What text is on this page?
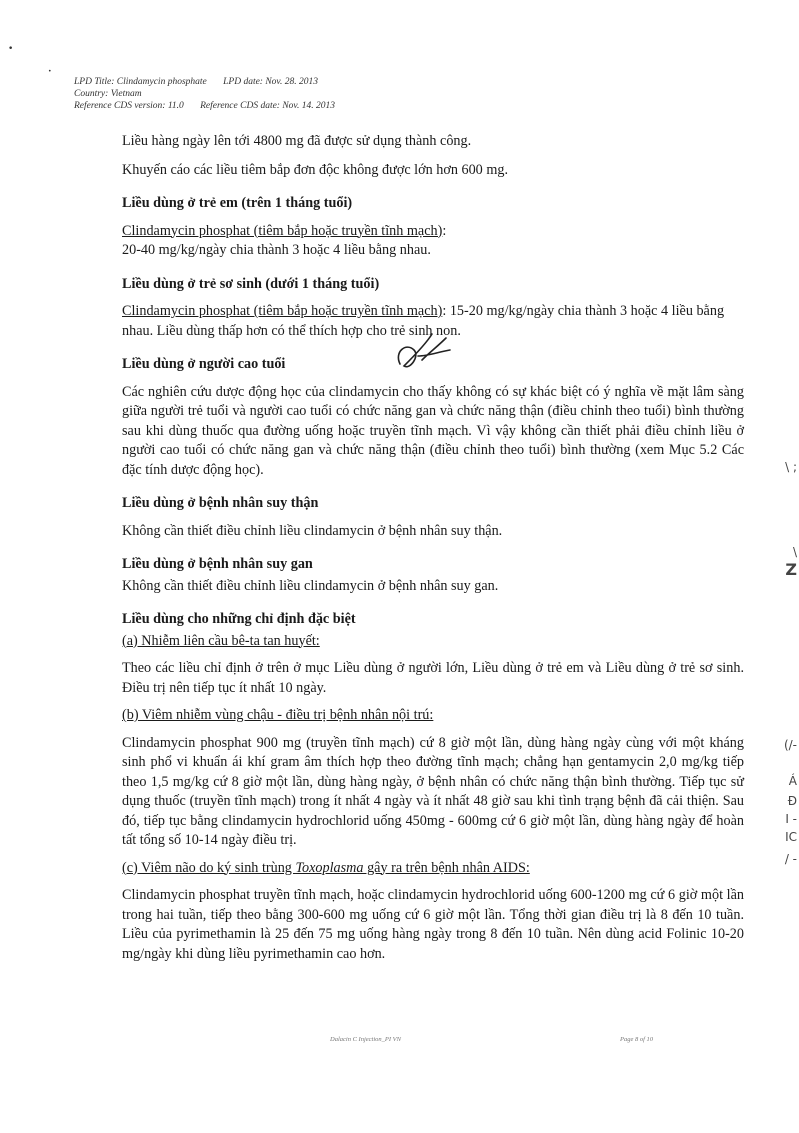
•
•
\ ;
\
Z
(/-
Á
Đ
I -
IC
/ -
LPD Title: Clindamycin phosphate LPD date: Nov. 28. 2013
Country: Vietnam
Reference CDS version: 11.0 Reference CDS date: Nov. 14. 2013

Liều hàng ngày lên tới 4800 mg đã được sử dụng thành công.

Khuyến cáo các liều tiêm bắp đơn độc không được lớn hơn 600 mg.

Liều dùng ở trẻ em (trên 1 tháng tuổi)

Clindamycin phosphat (tiêm bắp hoặc truyền tĩnh mạch):
20-40 mg/kg/ngày chia thành 3 hoặc 4 liều bằng nhau.

Liều dùng ở trẻ sơ sinh (dưới 1 tháng tuổi)

Clindamycin phosphat (tiêm bắp hoặc truyền tĩnh mạch): 15-20 mg/kg/ngày chia thành 3 hoặc 4 liều bằng nhau. Liều dùng thấp hơn có thể thích hợp cho trẻ sinh non.

Liều dùng ở người cao tuổi

Các nghiên cứu dược động học của clindamycin cho thấy không có sự khác biệt có ý nghĩa về mặt lâm sàng giữa người trẻ tuổi và người cao tuổi có chức năng gan và chức năng thận (điều chỉnh theo tuổi) bình thường sau khi dùng thuốc qua đường uống hoặc truyền tĩnh mạch. Vì vậy không cần thiết phải điều chỉnh liều ở người cao tuổi có chức năng gan và chức năng thận (điều chỉnh theo tuổi) bình thường (xem Mục 5.2 Các đặc tính dược động học).

Liều dùng ở bệnh nhân suy thận

Không cần thiết điều chỉnh liều clindamycin ở bệnh nhân suy thận.

Liều dùng ở bệnh nhân suy gan

Không cần thiết điều chỉnh liều clindamycin ở bệnh nhân suy gan.

Liều dùng cho những chỉ định đặc biệt

(a) Nhiễm liên cầu bê-ta tan huyết:

Theo các liều chỉ định ở trên ở mục Liều dùng ở người lớn, Liều dùng ở trẻ em và Liều dùng ở trẻ sơ sinh. Điều trị nên tiếp tục ít nhất 10 ngày.

(b) Viêm nhiễm vùng chậu - điều trị bệnh nhân nội trú:

Clindamycin phosphat 900 mg (truyền tĩnh mạch) cứ 8 giờ một lần, dùng hàng ngày cùng với một kháng sinh phổ vi khuẩn ái khí gram âm thích hợp theo đường tĩnh mạch; chẳng hạn gentamycin 2,0 mg/kg tiếp theo 1,5 mg/kg cứ 8 giờ một lần, dùng hàng ngày, ở bệnh nhân có chức năng thận bình thường. Tiếp tục sử dụng thuốc (truyền tĩnh mạch) trong ít nhất 4 ngày và ít nhất 48 giờ sau khi tình trạng bệnh đã cải thiện. Sau đó, tiếp tục bằng clindamycin hydrochlorid uống 450mg - 600mg cứ 6 giờ một lần, dùng hàng ngày để hoàn tất tổng số 10-14 ngày điều trị.

(c) Viêm não do ký sinh trùng Toxoplasma gây ra trên bệnh nhân AIDS:

Clindamycin phosphat truyền tĩnh mạch, hoặc clindamycin hydrochlorid uống 600-1200 mg cứ 6 giờ một lần trong hai tuần, tiếp theo bằng 300-600 mg uống cứ 6 giờ một lần. Tổng thời gian điều trị là 8 đến 10 tuần. Liều của pyrimethamin là 25 đến 75 mg uống hàng ngày trong 8 đến 10 tuần. Nên dùng acid Folinic 10-20 mg/ngày khi dùng liều pyrimethamin cao hơn.

Dalacin C Injection_PI VN	Page 8 of 10
